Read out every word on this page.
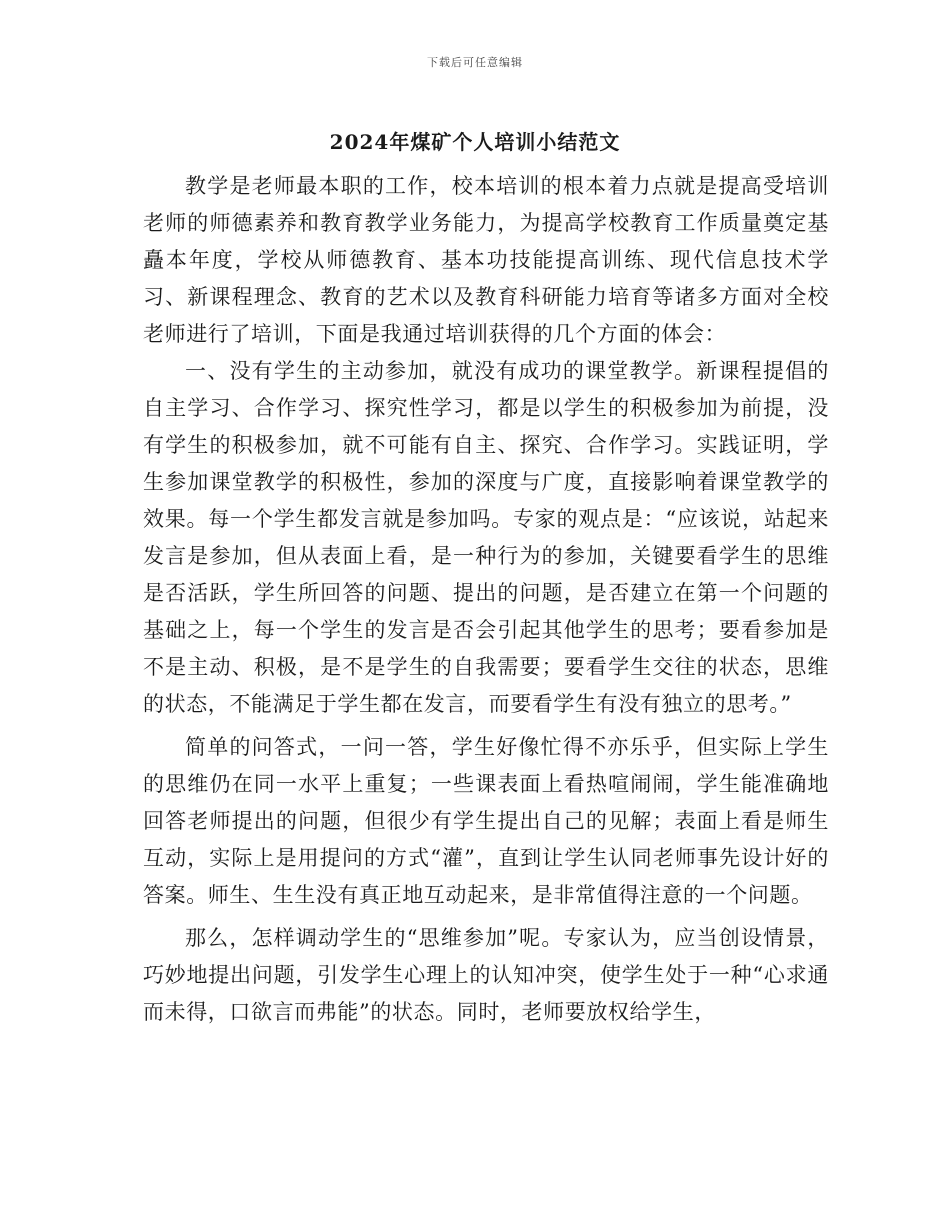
下载后可任意编辑
2024年煤矿个人培训小结范文

教学是老师最本职的工作，校本培训的根本着力点就是提高受培训老师的师德素养和教育教学业务能力，为提高学校教育工作质量奠定基矗本年度，学校从师德教育、基本功技能提高训练、现代信息技术学习、新课程理念、教育的艺术以及教育科研能力培育等诸多方面对全校老师进行了培训，下面是我通过培训获得的几个方面的体会：

一、没有学生的主动参加，就没有成功的课堂教学。新课程提倡的自主学习、合作学习、探究性学习，都是以学生的积极参加为前提，没有学生的积极参加，就不可能有自主、探究、合作学习。实践证明，学生参加课堂教学的积极性，参加的深度与广度，直接影响着课堂教学的效果。每一个学生都发言就是参加吗。专家的观点是：“应该说，站起来发言是参加，但从表面上看，是一种行为的参加，关键要看学生的思维是否活跃，学生所回答的问题、提出的问题，是否建立在第一个问题的基础之上，每一个学生的发言是否会引起其他学生的思考；要看参加是不是主动、积极，是不是学生的自我需要；要看学生交往的状态，思维的状态，不能满足于学生都在发言，而要看学生有没有独立的思考。”

简单的问答式，一问一答，学生好像忙得不亦乐乎，但实际上学生的思维仍在同一水平上重复；一些课表面上看热喧闹闹，学生能准确地回答老师提出的问题，但很少有学生提出自己的见解；表面上看是师生互动，实际上是用提问的方式“灌”，直到让学生认同老师事先设计好的答案。师生、生生没有真正地互动起来，是非常值得注意的一个问题。

那么，怎样调动学生的“思维参加”呢。专家认为，应当创设情景，巧妙地提出问题，引发学生心理上的认知冲突，使学生处于一种“心求通而未得，口欲言而弗能”的状态。同时，老师要放权给学生，
